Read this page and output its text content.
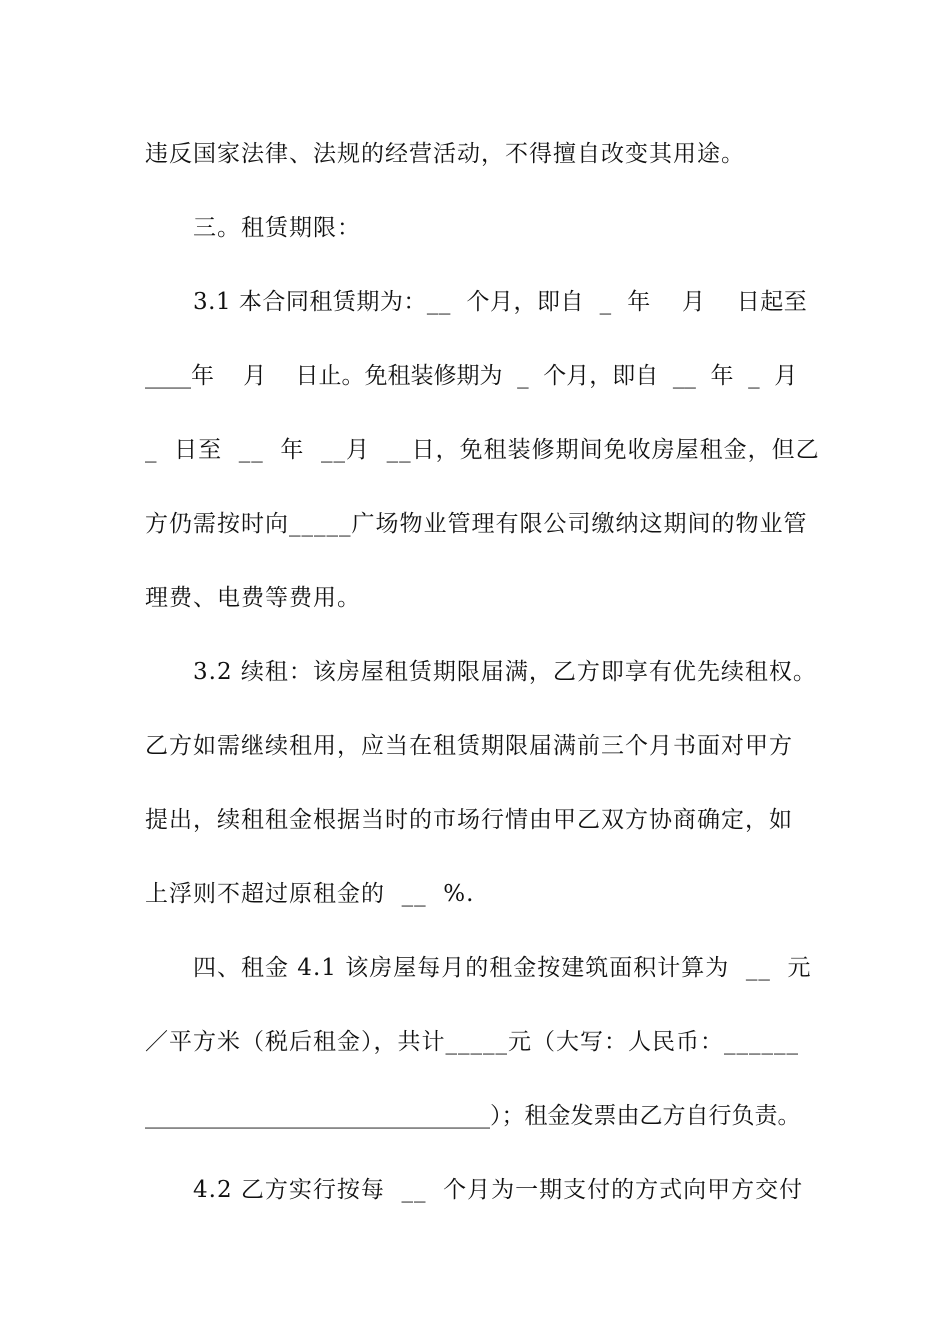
违反国家法律、法规的经营活动，不得擅自改变其用途。
三。租赁期限：
3.1 本合同租赁期为：__  个月，即自  _  年    月    日起至
____年    月    日止。免租装修期为  _  个月，即自  __  年  _  月
_  日至  __  年  __月  __日，免租装修期间免收房屋租金，但乙
方仍需按时向_____广场物业管理有限公司缴纳这期间的物业管
理费、电费等费用。
3.2 续租：该房屋租赁期限届满，乙方即享有优先续租权。
乙方如需继续租用，应当在租赁期限届满前三个月书面对甲方
提出，续租租金根据当时的市场行情由甲乙双方协商确定，如
上浮则不超过原租金的  __  %.
四、租金 4.1 该房屋每月的租金按建筑面积计算为  __  元
／平方米（税后租金），共计_____元（大写：人民币：______
______________________________）；租金发票由乙方自行负责。
4.2 乙方实行按每  __  个月为一期支付的方式向甲方交付
